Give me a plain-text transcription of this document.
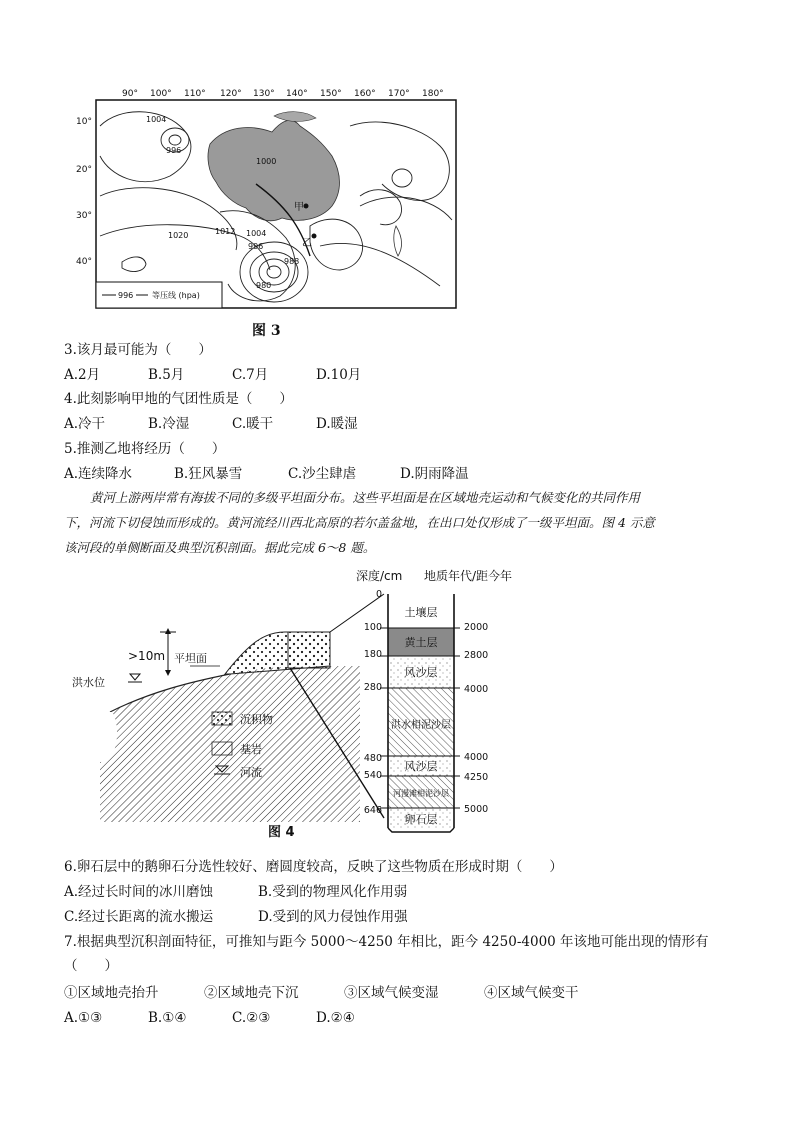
90° 100° 110° 120° 130° 140° 150° 160° 170° 180°
10°
20°
30°
40°
1004
996
1000
1020	1012 1004
996
988
980
甲
乙
996 等压线 (hpa)
图 3
3.该月最可能为（　　）
A.2月	B.5月	C.7月	D.10月
4.此刻影响甲地的气团性质是（　　）
A.冷干	B.冷湿	C.暖干	D.暖湿
5.推测乙地将经历（　　）
A.连续降水	B.狂风暴雪	C.沙尘肆虐	D.阴雨降温
黄河上游两岸常有海拔不同的多级平坦面分布。这些平坦面是在区域地壳运动和气候变化的共同作用
下，河流下切侵蚀而形成的。黄河流经川西北高原的若尔盖盆地，在出口处仅形成了一级平坦面。图 4 示意
该河段的单侧断面及典型沉积剖面。据此完成 6～8 题。
>10m 平坦面
洪水位
沉积物
基岩
河流
深度/cm 地质年代/距今年
土壤层
黄土层
风沙层
洪水相泥沙层
风沙层
河漫滩相泥沙层
卵石层
0
100
180
280
480
540
646
2000
2800
4000
4000
4250
5000
图 4
6.卵石层中的鹅卵石分选性较好、磨圆度较高，反映了这些物质在形成时期（　　）
A.经过长时间的冰川磨蚀	B.受到的物理风化作用弱
C.经过长距离的流水搬运	D.受到的风力侵蚀作用强
7.根据典型沉积剖面特征，可推知与距今 5000～4250 年相比，距今 4250-4000 年该地可能出现的情形有
（　　）
①区域地壳抬升	②区域地壳下沉	③区域气候变湿	④区域气候变干
A.①③	B.①④	C.②③	D.②④
